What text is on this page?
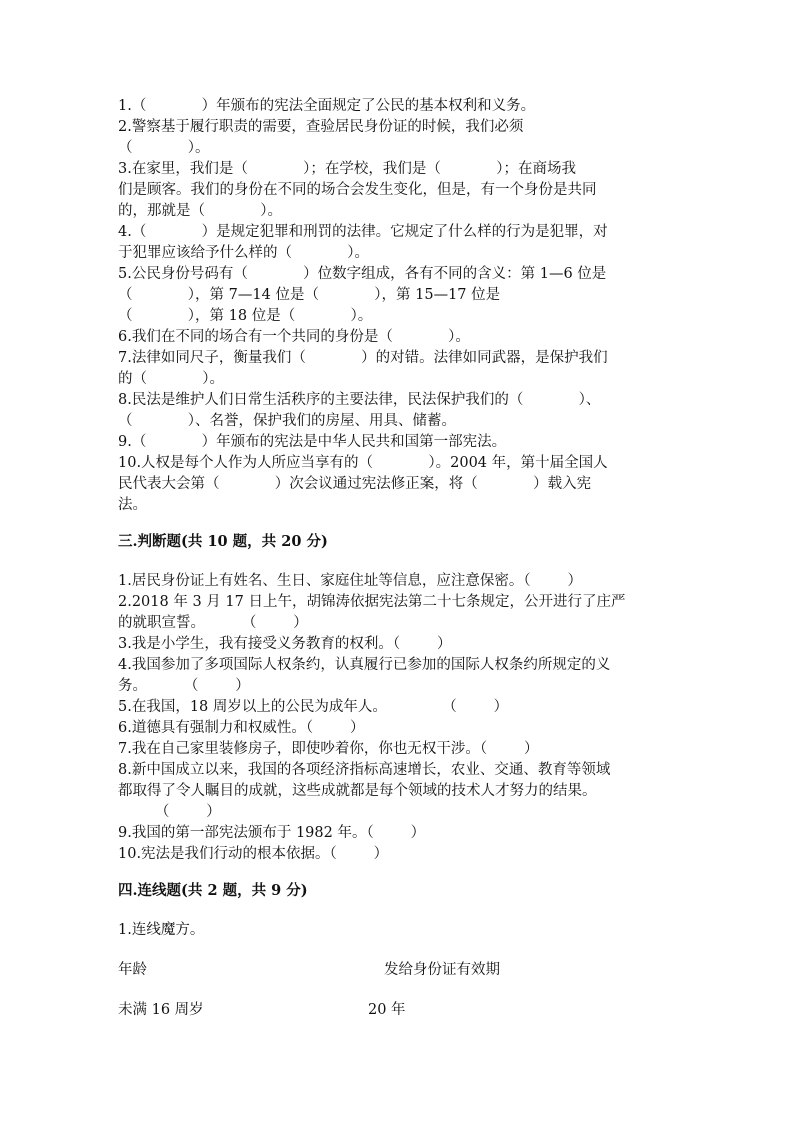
1.（            ）年颁布的宪法全面规定了公民的基本权利和义务。
2.警察基于履行职责的需要，查验居民身份证的时候，我们必须
（            ）。
3.在家里，我们是（            ）；在学校，我们是（            ）；在商场我
们是顾客。我们的身份在不同的场合会发生变化，但是，有一个身份是共同
的，那就是（            ）。
4.（            ）是规定犯罪和刑罚的法律。它规定了什么样的行为是犯罪，对
于犯罪应该给予什么样的（            ）。
5.公民身份号码有（            ）位数字组成，各有不同的含义：第 1—6 位是
（            ），第 7—14 位是（            ），第 15—17 位是
（            ），第 18 位是（            ）。
6.我们在不同的场合有一个共同的身份是（            ）。
7.法律如同尺子，衡量我们（            ）的对错。法律如同武器，是保护我们
的（            ）。
8.民法是维护人们日常生活秩序的主要法律，民法保护我们的（            ）、
（            ）、名誉，保护我们的房屋、用具、储蓄。
9.（            ）年颁布的宪法是中华人民共和国第一部宪法。
10.人权是每个人作为人所应当享有的（            ）。2004 年，第十届全国人
民代表大会第（            ）次会议通过宪法修正案，将（            ）载入宪
法。
三.判断题(共 10 题，共 20 分)
1.居民身份证上有姓名、生日、家庭住址等信息，应注意保密。（        ）
2.2018 年 3 月 17 日上午，胡锦涛依据宪法第二十七条规定，公开进行了庄严
的就职宣誓。        （        ）
3.我是小学生，我有接受义务教育的权利。（        ）
4.我国参加了多项国际人权条约，认真履行已参加的国际人权条约所规定的义
务。        （        ）
5.在我国，18 周岁以上的公民为成年人。            （        ）
6.道德具有强制力和权威性。（        ）
7.我在自己家里装修房子，即使吵着你，你也无权干涉。（        ）
8.新中国成立以来，我国的各项经济指标高速增长，农业、交通、教育等领域
都取得了令人瞩目的成就，这些成就都是每个领域的技术人才努力的结果。
（        ）
9.我国的第一部宪法颁布于 1982 年。（        ）
10.宪法是我们行动的根本依据。（        ）
四.连线题(共 2 题，共 9 分)
1.连线魔方。
年龄	发给身份证有效期
未满 16 周岁	20 年
